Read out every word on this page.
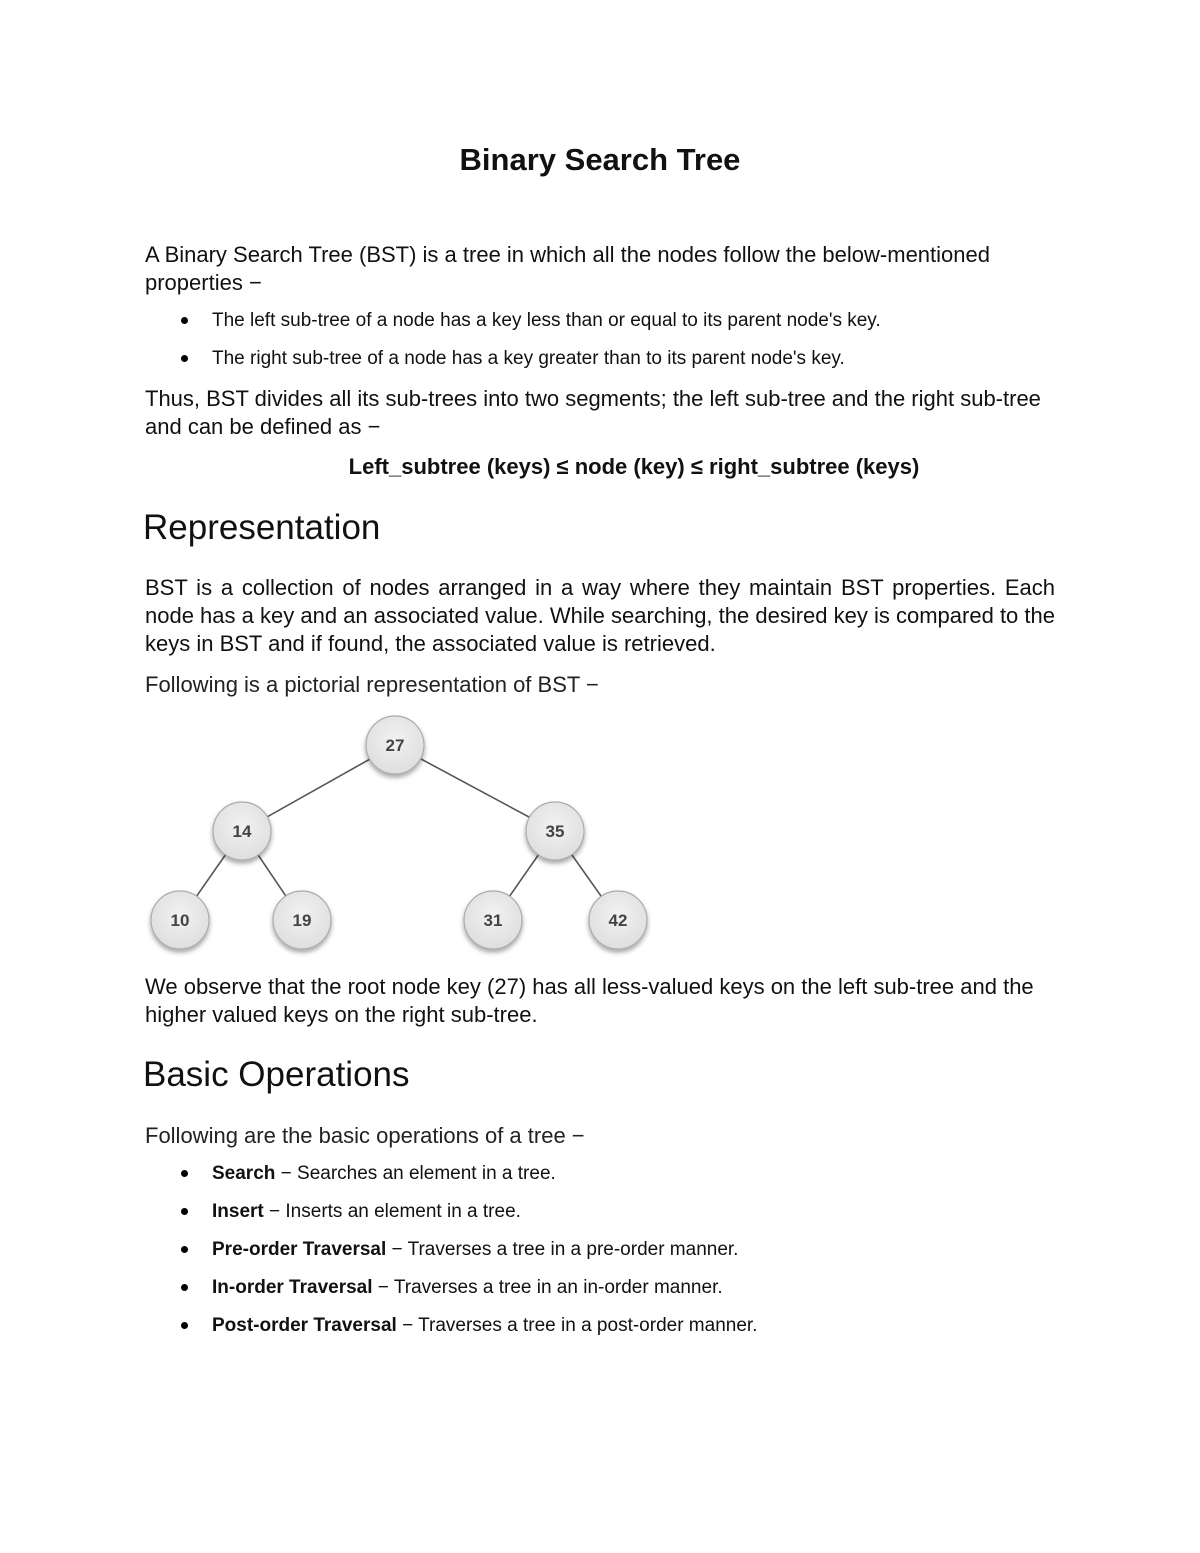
Binary Search Tree

A Binary Search Tree (BST) is a tree in which all the nodes follow the below-mentioned properties −

The left sub-tree of a node has a key less than or equal to its parent node's key.
The right sub-tree of a node has a key greater than to its parent node's key.

Thus, BST divides all its sub-trees into two segments; the left sub-tree and the right sub-tree and can be defined as −

Left_subtree (keys) ≤ node (key) ≤ right_subtree (keys)

Representation

BST is a collection of nodes arranged in a way where they maintain BST properties. Each node has a key and an associated value. While searching, the desired key is compared to the keys in BST and if found, the associated value is retrieved.

Following is a pictorial representation of BST −

27
14	35
10	19	31	42

We observe that the root node key (27) has all less-valued keys on the left sub-tree and the higher valued keys on the right sub-tree.

Basic Operations

Following are the basic operations of a tree −

Search − Searches an element in a tree.
Insert − Inserts an element in a tree.
Pre-order Traversal − Traverses a tree in a pre-order manner.
In-order Traversal − Traverses a tree in an in-order manner.
Post-order Traversal − Traverses a tree in a post-order manner.
